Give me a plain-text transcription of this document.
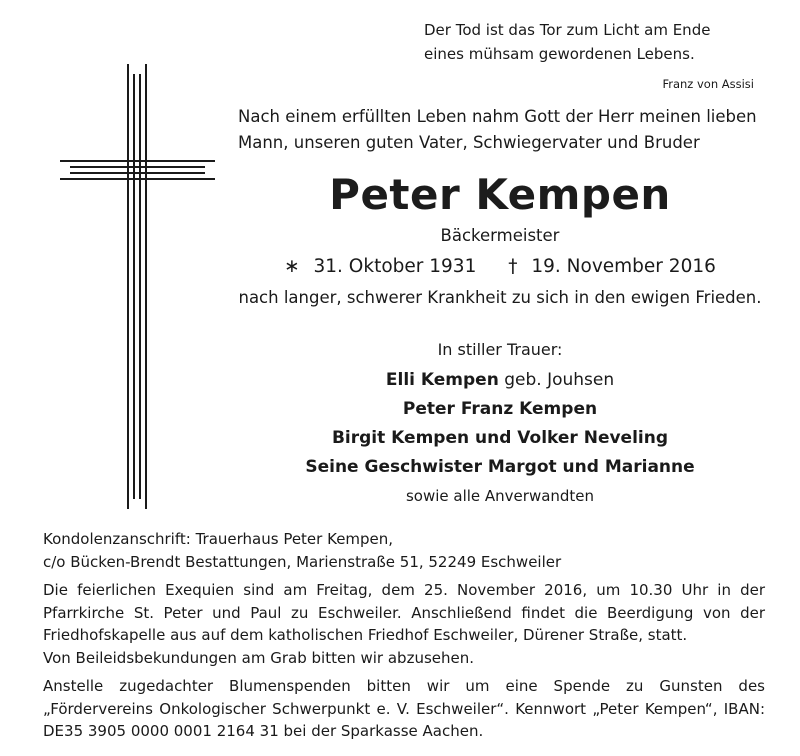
Der Tod ist das Tor zum Licht am Ende
eines mühsam gewordenen Lebens.
Franz von Assisi
Nach einem erfüllten Leben nahm Gott der Herr meinen lieben
Mann, unseren guten Vater, Schwiegervater und Bruder
Peter Kempen
Bäckermeister
∗ 31. Oktober 1931 † 19. November 2016
nach langer, schwerer Krankheit zu sich in den ewigen Frieden.
In stiller Trauer:
Elli Kempen geb. Jouhsen
Peter Franz Kempen
Birgit Kempen und Volker Neveling
Seine Geschwister Margot und Marianne
sowie alle Anverwandten

Kondolenzanschrift: Trauerhaus Peter Kempen,

c/o Bücken-Brendt Bestattungen, Marienstraße 51, 52249 Eschweiler

Die feierlichen Exequien sind am Freitag, dem 25. November 2016, um 10.30 Uhr in der Pfarrkirche St. Peter und Paul zu Eschweiler. Anschließend findet die Beerdigung von der Friedhofskapelle aus auf dem katholischen Friedhof Eschweiler, Dürener Straße, statt.

Von Beileidsbekundungen am Grab bitten wir abzusehen.

Anstelle zugedachter Blumenspenden bitten wir um eine Spende zu Gunsten des „Fördervereins Onkologischer Schwerpunkt e. V. Eschweiler“. Kennwort „Peter Kempen“, IBAN: DE35 3905 0000 0001 2164 31 bei der Sparkasse Aachen.
